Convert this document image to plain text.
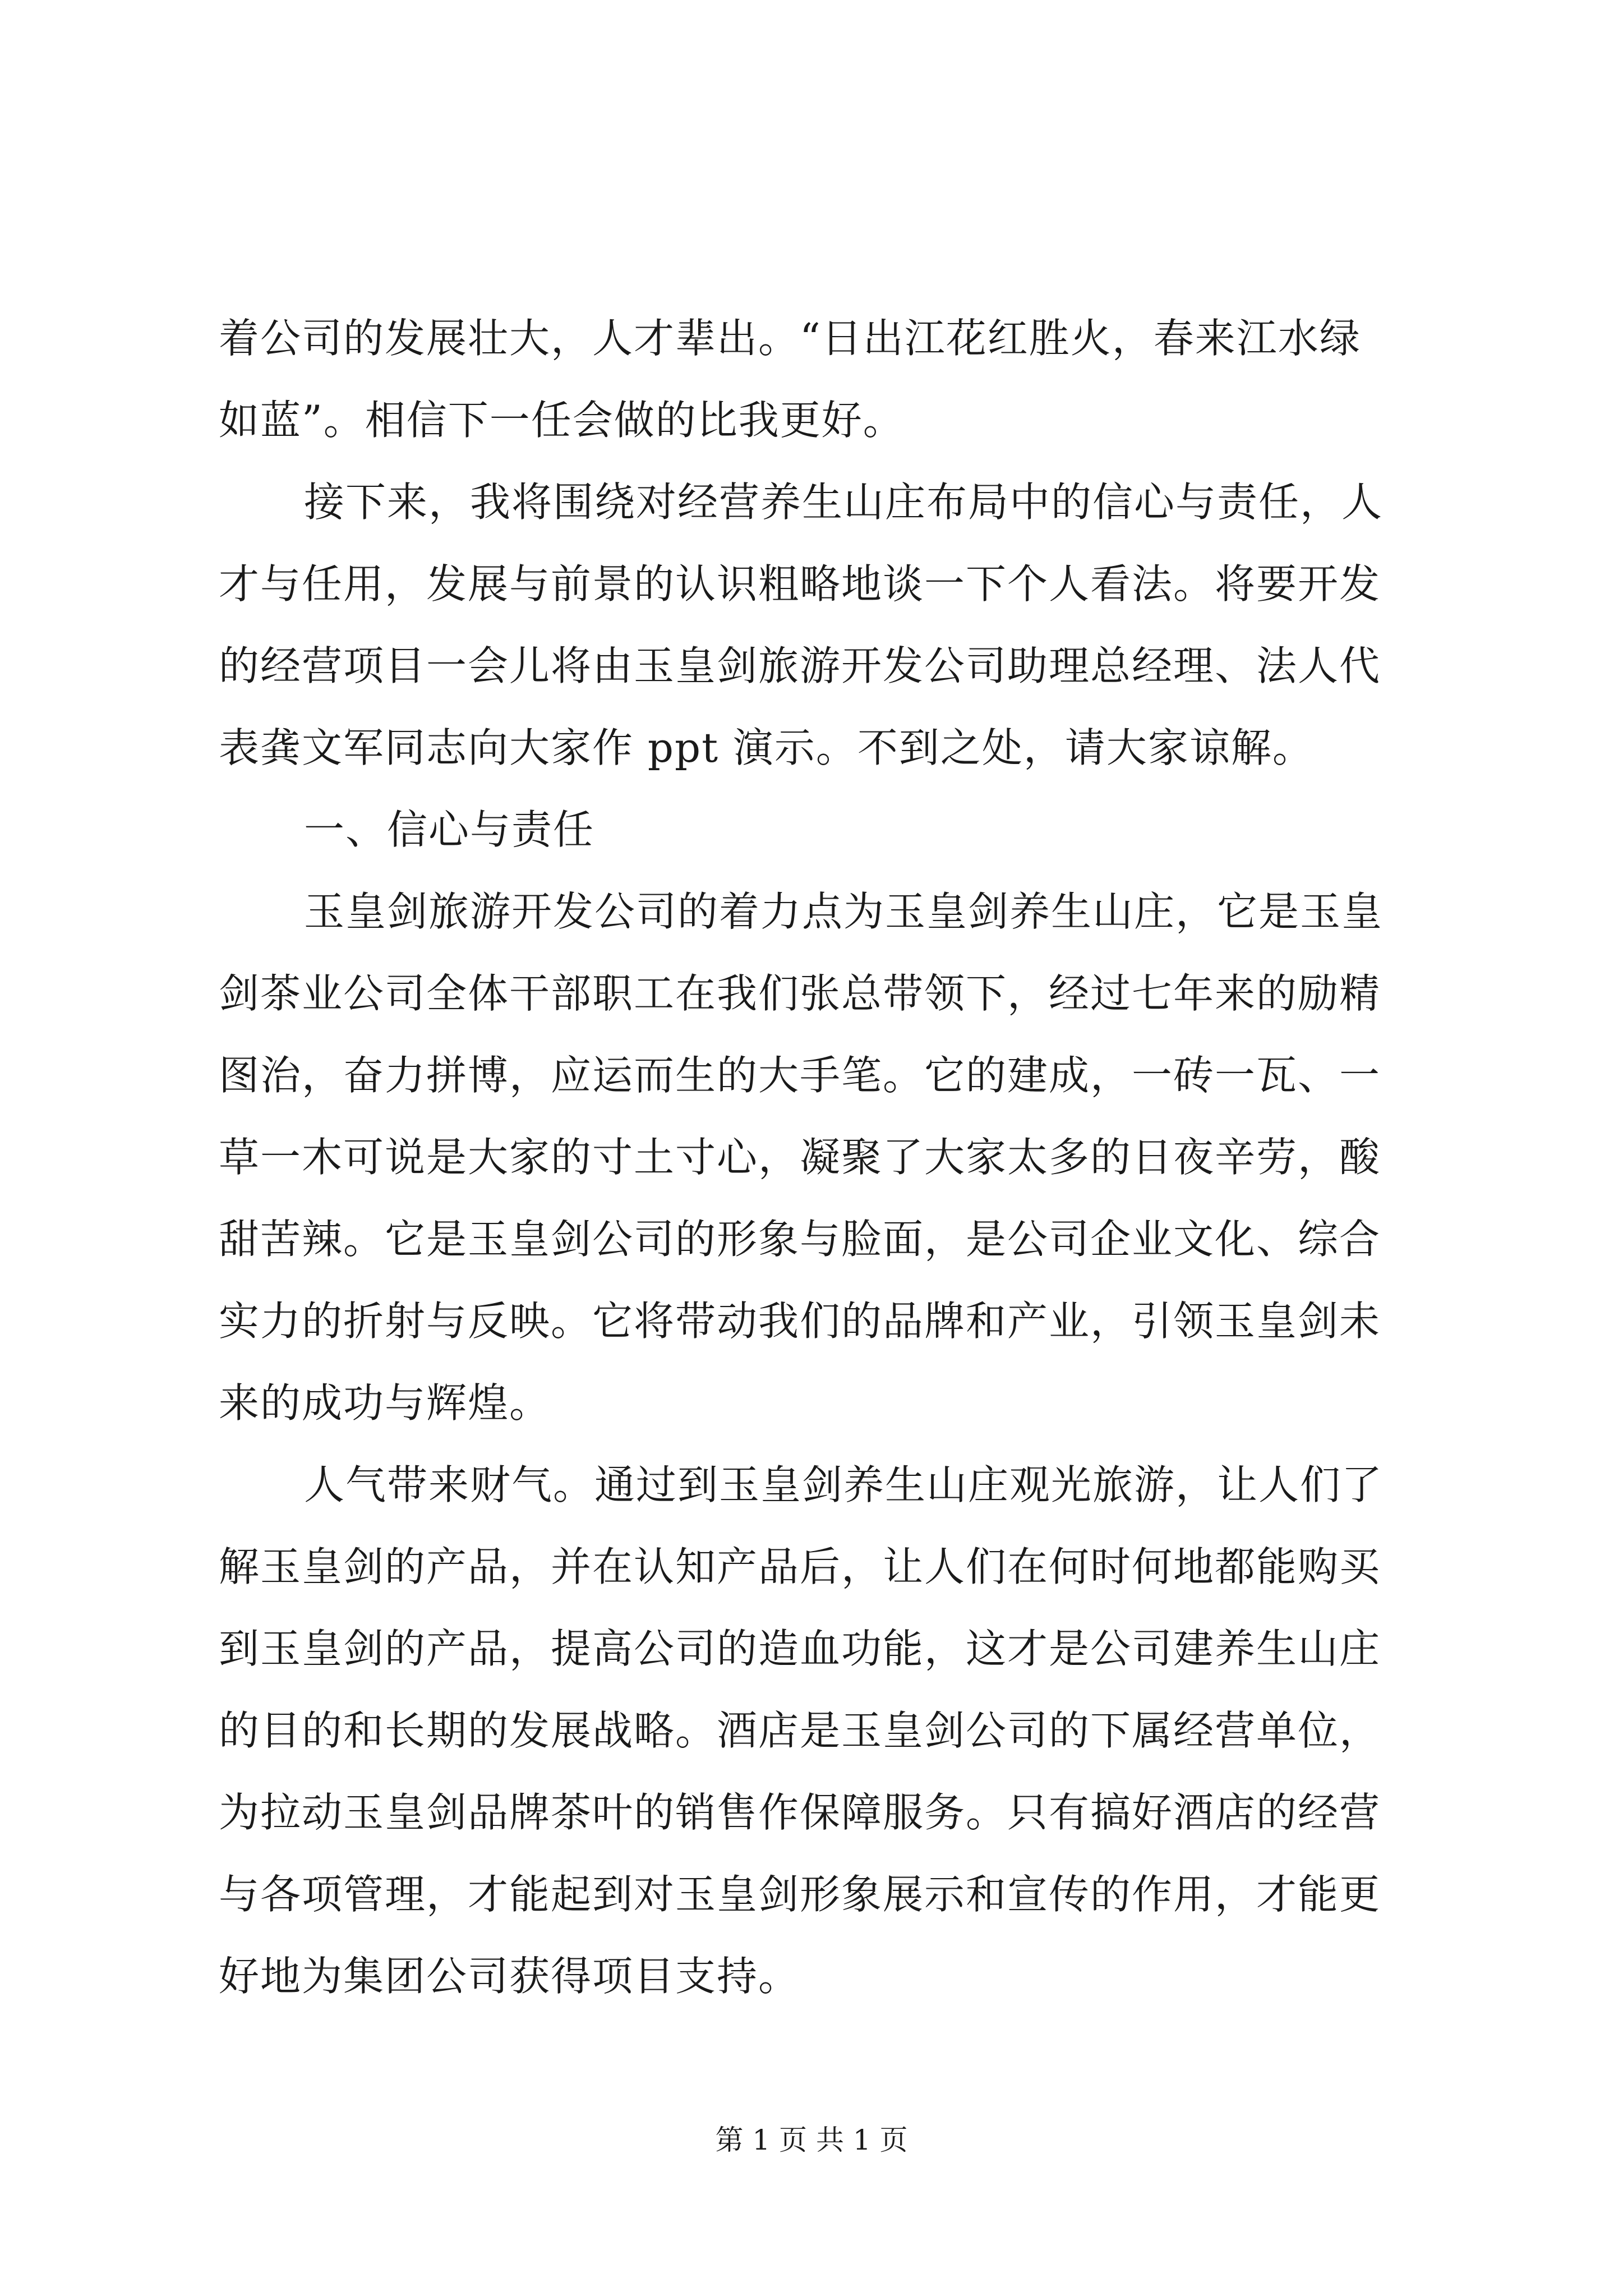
着公司的发展壮大，人才辈出。“日出江花红胜火，春来江水绿
如蓝”。相信下一任会做的比我更好。
接下来，我将围绕对经营养生山庄布局中的信心与责任，人
才与任用，发展与前景的认识粗略地谈一下个人看法。将要开发
的经营项目一会儿将由玉皇剑旅游开发公司助理总经理、法人代
表龚文军同志向大家作 ppt 演示。不到之处，请大家谅解。
一、信心与责任
玉皇剑旅游开发公司的着力点为玉皇剑养生山庄，它是玉皇
剑茶业公司全体干部职工在我们张总带领下，经过七年来的励精
图治，奋力拼博，应运而生的大手笔。它的建成，一砖一瓦、一
草一木可说是大家的寸土寸心，凝聚了大家太多的日夜辛劳，酸
甜苦辣。它是玉皇剑公司的形象与脸面，是公司企业文化、综合
实力的折射与反映。它将带动我们的品牌和产业，引领玉皇剑未
来的成功与辉煌。
人气带来财气。通过到玉皇剑养生山庄观光旅游，让人们了
解玉皇剑的产品，并在认知产品后，让人们在何时何地都能购买
到玉皇剑的产品，提高公司的造血功能，这才是公司建养生山庄
的目的和长期的发展战略。酒店是玉皇剑公司的下属经营单位，
为拉动玉皇剑品牌茶叶的销售作保障服务。只有搞好酒店的经营
与各项管理，才能起到对玉皇剑形象展示和宣传的作用，才能更
好地为集团公司获得项目支持。
第 1 页 共 1 页
